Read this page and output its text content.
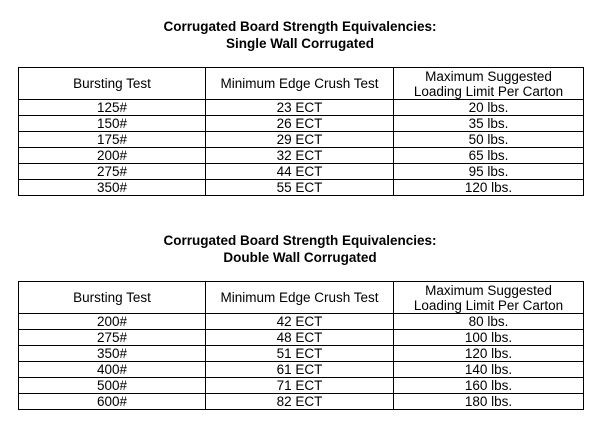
Corrugated Board Strength Equivalencies:
Single Wall Corrugated
Bursting Test	Minimum Edge Crush Test	Maximum Suggested
Loading Limit Per Carton

125#	23 ECT	20 lbs.
150#	26 ECT	35 lbs.
175#	29 ECT	50 lbs.
200#	32 ECT	65 lbs.
275#	44 ECT	95 lbs.
350#	55 ECT	120 lbs.
Corrugated Board Strength Equivalencies:
Double Wall Corrugated
Bursting Test	Minimum Edge Crush Test	Maximum Suggested
Loading Limit Per Carton

200#	42 ECT	80 lbs.
275#	48 ECT	100 lbs.
350#	51 ECT	120 lbs.
400#	61 ECT	140 lbs.
500#	71 ECT	160 lbs.
600#	82 ECT	180 lbs.
